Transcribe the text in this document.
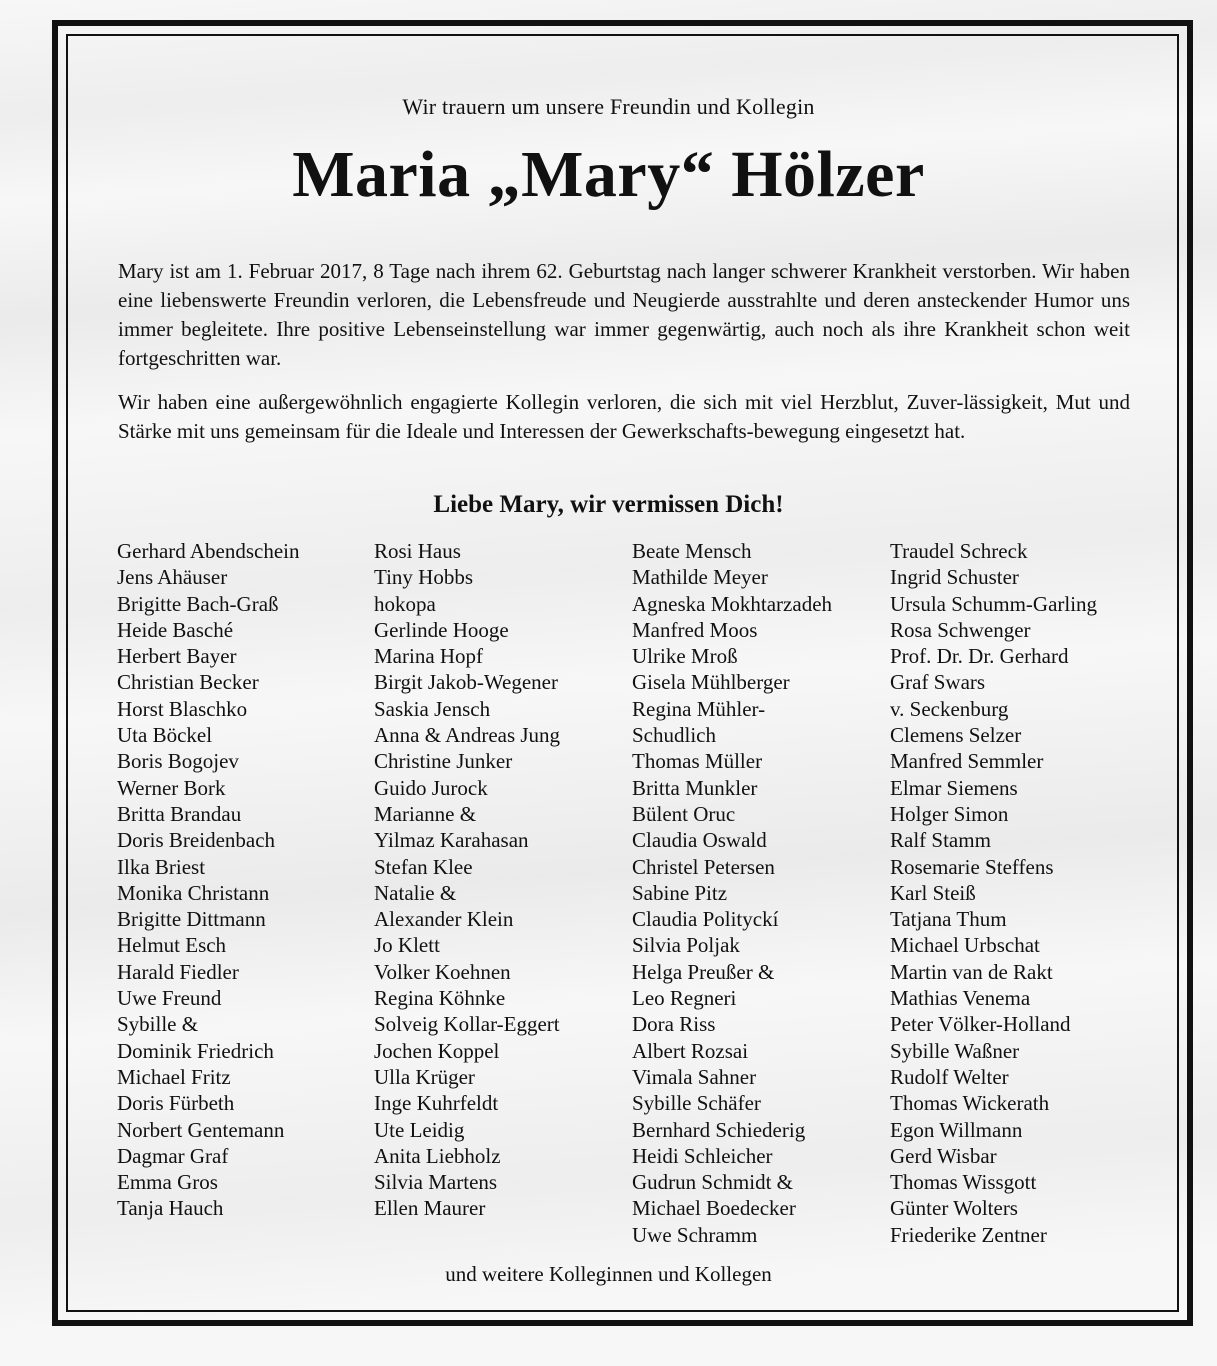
Wir trauern um unsere Freundin und Kollegin
Maria „Mary“ Hölzer
Mary ist am 1. Februar 2017, 8 Tage nach ihrem 62. Geburtstag nach langer schwerer Krankheit verstorben. Wir haben eine liebenswerte Freundin verloren, die Lebensfreude und Neugierde ausstrahlte und deren ansteckender Humor uns immer begleitete. Ihre positive Lebenseinstellung war immer gegenwärtig, auch noch als ihre Krankheit schon weit fortgeschritten war.
Wir haben eine außergewöhnlich engagierte Kollegin verloren, die sich mit viel Herzblut, Zuver-lässigkeit, Mut und Stärke mit uns gemeinsam für die Ideale und Interessen der Gewerkschafts-bewegung eingesetzt hat.
Liebe Mary, wir vermissen Dich!
Gerhard Abendschein
Jens Ahäuser
Brigitte Bach-Graß
Heide Basché
Herbert Bayer
Christian Becker
Horst Blaschko
Uta Böckel
Boris Bogojev
Werner Bork
Britta Brandau
Doris Breidenbach
Ilka Briest
Monika Christann
Brigitte Dittmann
Helmut Esch
Harald Fiedler
Uwe Freund
Sybille &
Dominik Friedrich
Michael Fritz
Doris Fürbeth
Norbert Gentemann
Dagmar Graf
Emma Gros
Tanja Hauch
Rosi Haus
Tiny Hobbs
hokopa
Gerlinde Hooge
Marina Hopf
Birgit Jakob-Wegener
Saskia Jensch
Anna & Andreas Jung
Christine Junker
Guido Jurock
Marianne &
Yilmaz Karahasan
Stefan Klee
Natalie &
Alexander Klein
Jo Klett
Volker Koehnen
Regina Köhnke
Solveig Kollar-Eggert
Jochen Koppel
Ulla Krüger
Inge Kuhrfeldt
Ute Leidig
Anita Liebholz
Silvia Martens
Ellen Maurer
Beate Mensch
Mathilde Meyer
Agneska Mokhtarzadeh
Manfred Moos
Ulrike Mroß
Gisela Mühlberger
Regina Mühler-
Schudlich
Thomas Müller
Britta Munkler
Bülent Oruc
Claudia Oswald
Christel Petersen
Sabine Pitz
Claudia Polityckí
Silvia Poljak
Helga Preußer &
Leo Regneri
Dora Riss
Albert Rozsai
Vimala Sahner
Sybille Schäfer
Bernhard Schiederig
Heidi Schleicher
Gudrun Schmidt &
Michael Boedecker
Uwe Schramm
Traudel Schreck
Ingrid Schuster
Ursula Schumm-Garling
Rosa Schwenger
Prof. Dr. Dr. Gerhard
Graf Swars
v. Seckenburg
Clemens Selzer
Manfred Semmler
Elmar Siemens
Holger Simon
Ralf Stamm
Rosemarie Steffens
Karl Steiß
Tatjana Thum
Michael Urbschat
Martin van de Rakt
Mathias Venema
Peter Völker-Holland
Sybille Waßner
Rudolf Welter
Thomas Wickerath
Egon Willmann
Gerd Wisbar
Thomas Wissgott
Günter Wolters
Friederike Zentner
und weitere Kolleginnen und Kollegen
